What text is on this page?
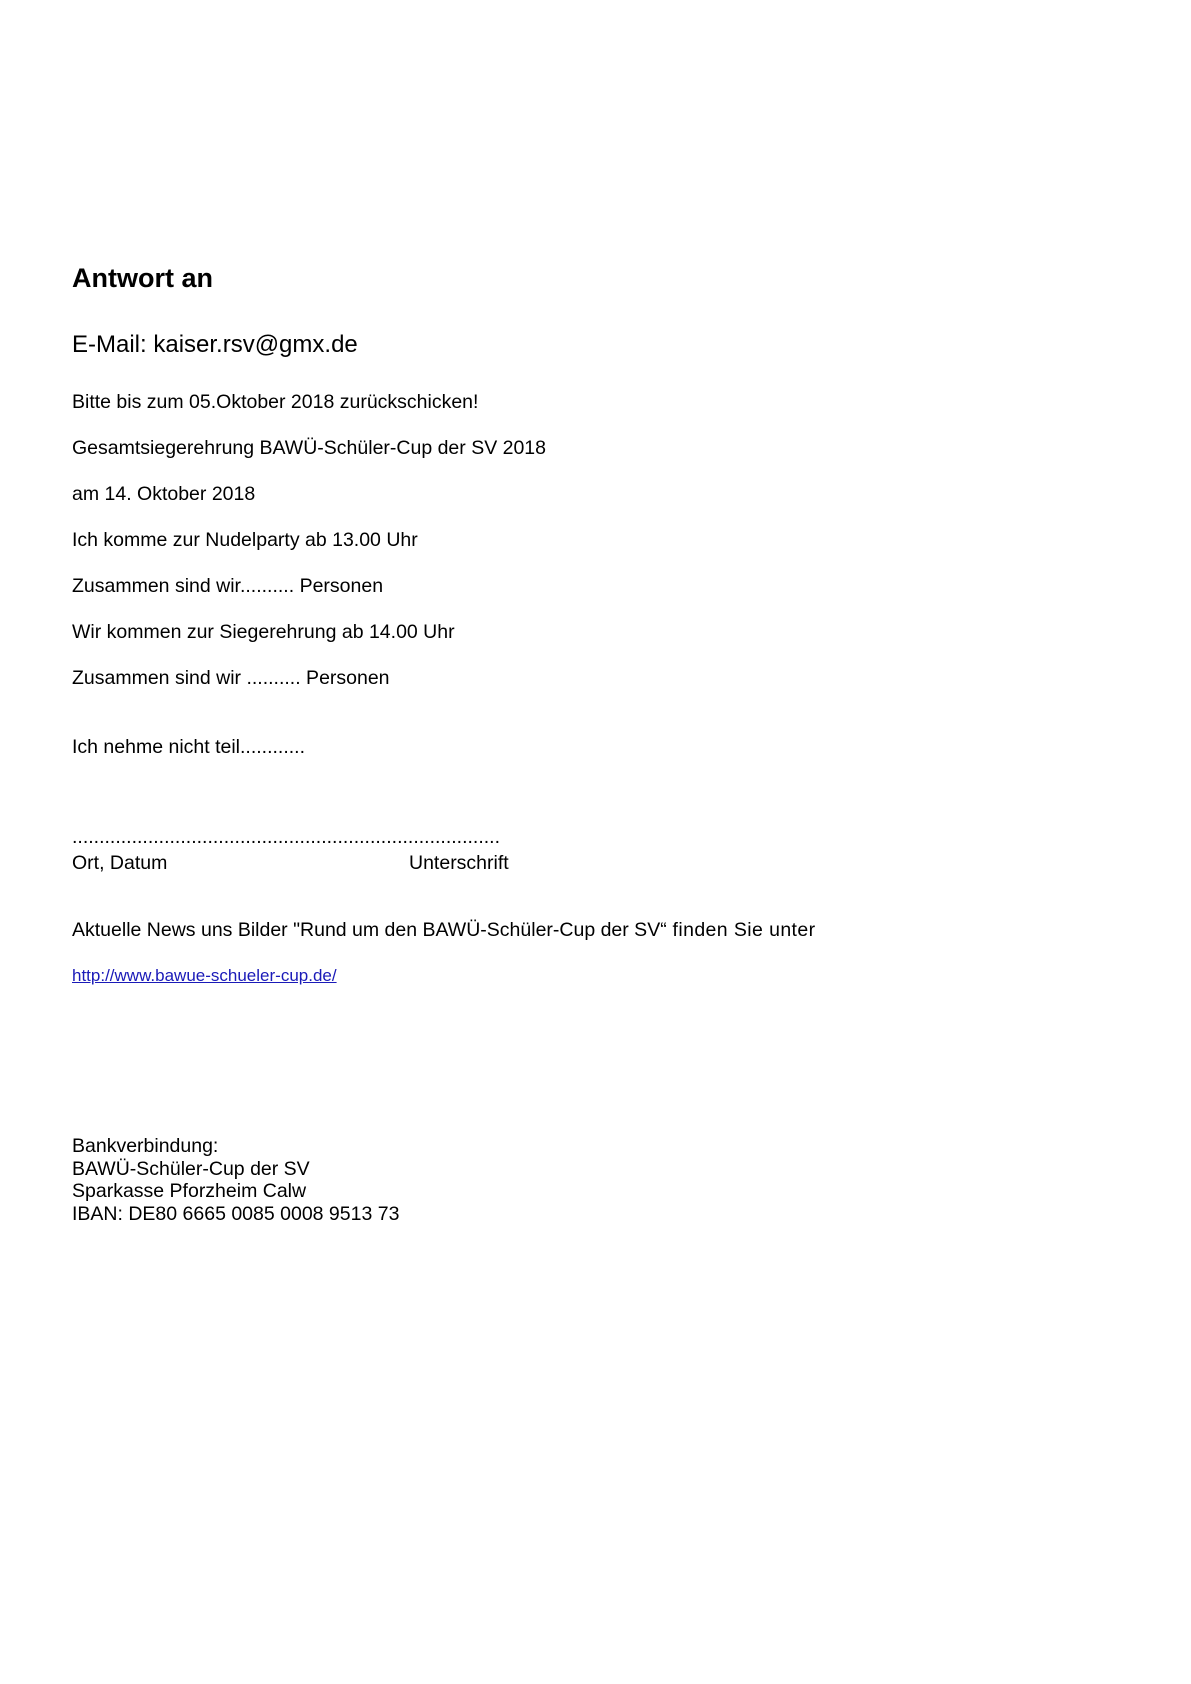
Antwort an
E-Mail: kaiser.rsv@gmx.de
Bitte bis zum 05.Oktober 2018 zurückschicken!
Gesamtsiegerehrung BAWÜ-Schüler-Cup der SV 2018
am 14. Oktober 2018
Ich komme zur Nudelparty ab 13.00 Uhr
Zusammen sind wir.......... Personen
Wir kommen zur Siegerehrung ab 14.00 Uhr
Zusammen sind wir .......... Personen
Ich nehme nicht teil............
...............................................................................
Ort, Datum	Unterschrift
Aktuelle News uns Bilder "Rund um den BAWÜ-Schüler-Cup der SV“ finden Sie unter
http://www.bawue-schueler-cup.de/
Bankverbindung:
BAWÜ-Schüler-Cup der SV
Sparkasse Pforzheim Calw
IBAN: DE80 6665 0085 0008 9513 73
